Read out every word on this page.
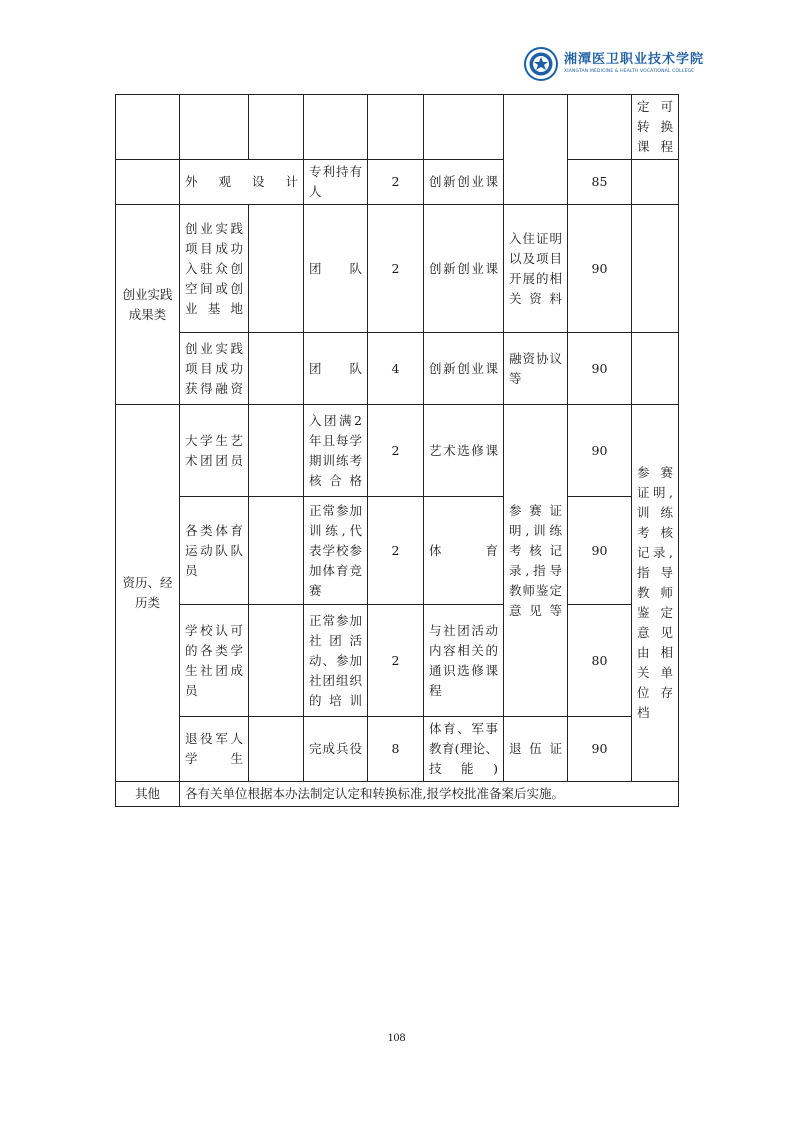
湘潭医卫职业技术学院
XIANGTAN MEDICINE & HEALTH VOCATIONAL COLLEGE
								定 可转 换课程
	外观设计		专利持有人	2	创新创业课		85	
创业实践成果类	创业实践项目成功入驻众创空间或创业基地		团队	2	创新创业课	入住证明以及项目开展的相关资料	90	
	创业实践项目成功获得融资		团队	4	创新创业课	融资协议等	90	
资历、经历类	大学生艺术团团员		入团满2年且每学期训练考核合格	2	艺术选修课	参赛证明,训练考核记录,指导教师鉴定意见等	90	参赛证明,训练考核记录,指导教师鉴定意见由相关单位存档
	各类体育运动队队员		正常参加训练,代表学校参加体育竞赛	2	体育		90	
	学校认可的各类学生社团成员		正常参加社团活动、参加社团组织的培训	2	与社团活动内容相关的通识选修课程		80	
	退役军人学生		完成兵役	8	体育、军事教育(理论、技能)	退伍证	90	
其他	各有关单位根据本办法制定认定和转换标准,报学校批准备案后实施。							
108
